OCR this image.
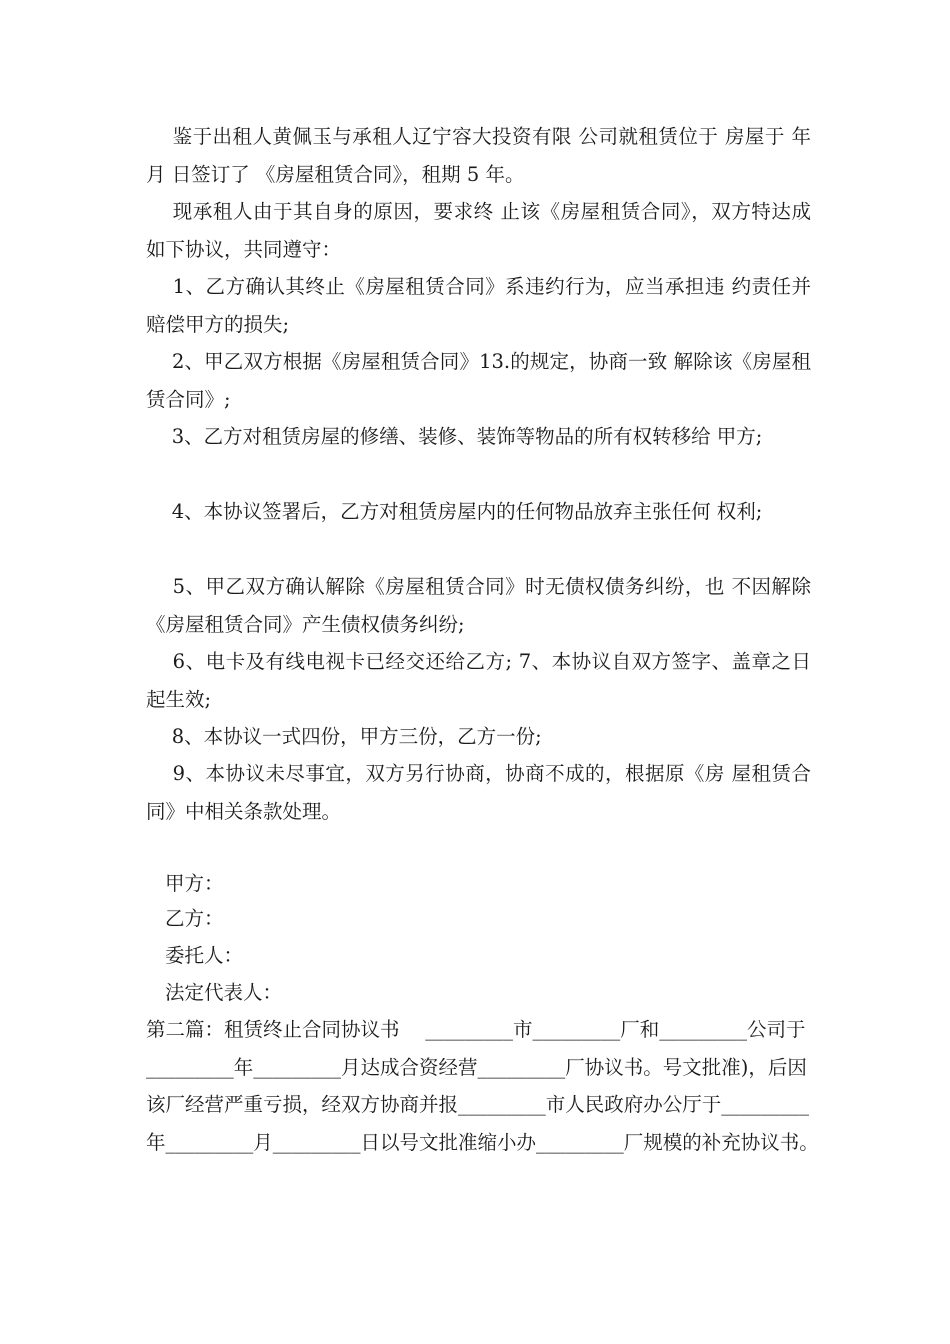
　 鉴于出租人黄佩玉与承租人辽宁容大投资有限 公司就租赁位于 房屋于 年 月 日签订了 《房屋租赁合同》，租期 5 年。

　 现承租人由于其自身的原因，要求终 止该《房屋租赁合同》，双方特达成如下协议，共同遵守：

　 1、乙方确认其终止《房屋租赁合同》系违约行为，应当承担违 约责任并赔偿甲方的损失;

　 2、甲乙双方根据《房屋租赁合同》13.的规定，协商一致 解除该《房屋租赁合同》;

　 3、乙方对租赁房屋的修缮、装修、装饰等物品的所有权转移给 甲方;

　 4、本协议签署后，乙方对租赁房屋内的任何物品放弃主张任何 权利;

　 5、甲乙双方确认解除《房屋租赁合同》时无债权债务纠纷，也 不因解除《房屋租赁合同》产生债权债务纠纷;

　 6、电卡及有线电视卡已经交还给乙方; 7、本协议自双方签字、盖章之日起生效;

　 8、本协议一式四份，甲方三份，乙方一份;

　 9、本协议未尽事宜，双方另行协商，协商不成的，根据原《房 屋租赁合同》中相关条款处理。

甲方：

乙方：

委托人：

法定代表人：

第二篇：租赁终止合同协议书　 _________市_________厂和_________公司于_________年_________月达成合资经营_________厂协议书。号文批准)，后因该厂经营严重亏损，经双方协商并报_________市人民政府办公厅于_________年_________月_________日以号文批准缩小办_________厂规模的补充协议书。
